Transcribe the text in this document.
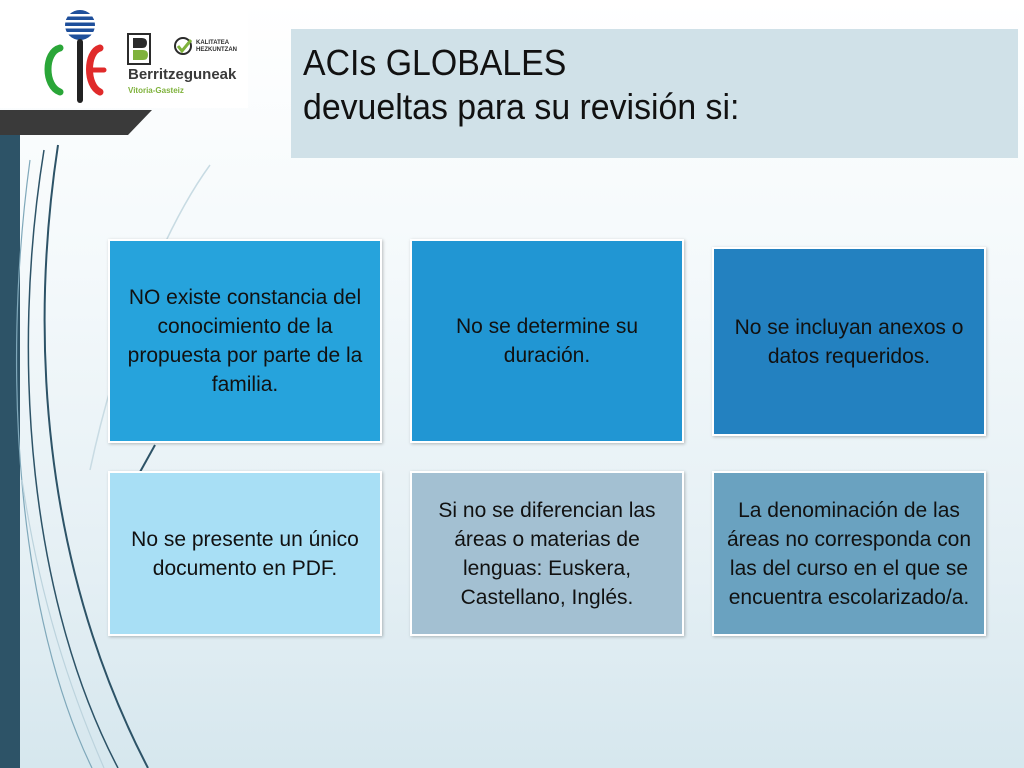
KALITATEA HEZKUNTZAN
Berritzeguneak
Vitoria-Gasteiz
ACIs GLOBALES
devueltas para su revisión si:
NO existe constancia del conocimiento de la propuesta por parte de la familia.
No se determine su duración.
No se incluyan anexos o datos requeridos.
No se presente un único documento en PDF.
Si no se diferencian las áreas o materias de lenguas: Euskera, Castellano, Inglés.
La denominación de las áreas no corresponda con las del curso en el que se encuentra escolarizado/a.
